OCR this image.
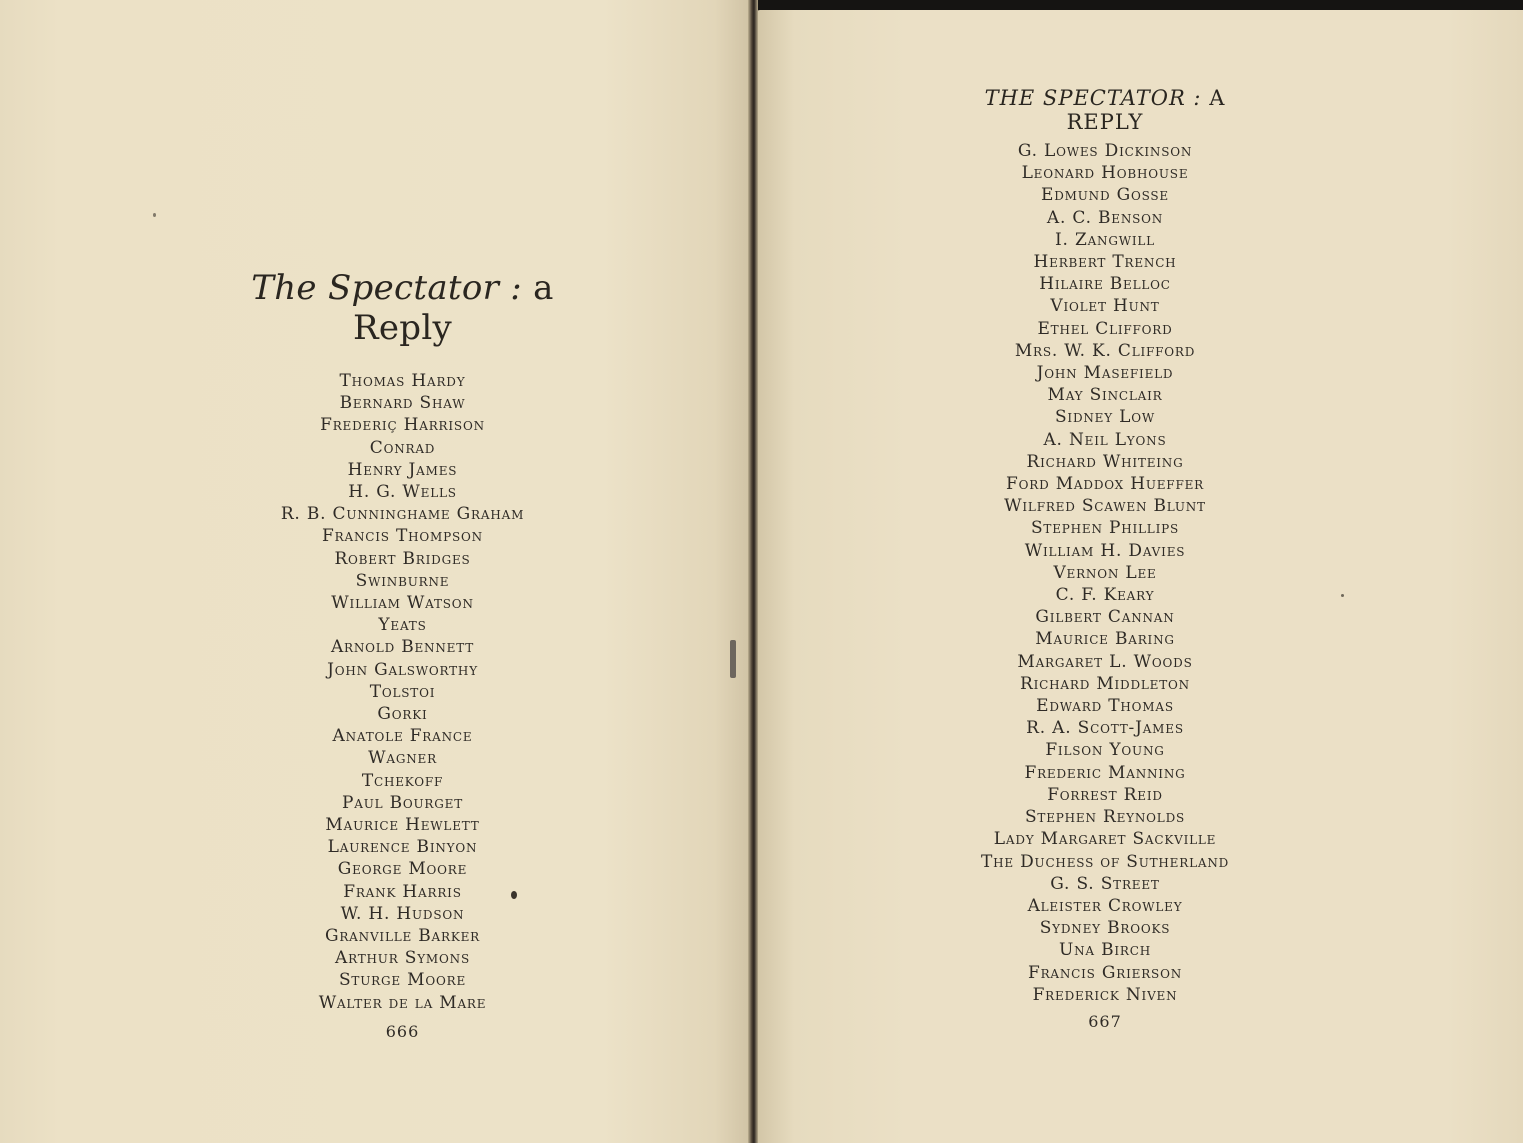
The Spectator : a Reply
Thomas Hardy
Bernard Shaw
Frederiç Harrison
Conrad
Henry James
H. G. Wells
R. B. Cunninghame Graham
Francis Thompson
Robert Bridges
Swinburne
William Watson
Yeats
Arnold Bennett
John Galsworthy
Tolstoi
Gorki
Anatole France
Wagner
Tchekoff
Paul Bourget
Maurice Hewlett
Laurence Binyon
George Moore
Frank Harris
W. H. Hudson
Granville Barker
Arthur Symons
Sturge Moore
Walter de la Mare
666
THE SPECTATOR : A REPLY
G. Lowes Dickinson
Leonard Hobhouse
Edmund Gosse
A. C. Benson
I. Zangwill
Herbert Trench
Hilaire Belloc
Violet Hunt
Ethel Clifford
Mrs. W. K. Clifford
John Masefield
May Sinclair
Sidney Low
A. Neil Lyons
Richard Whiteing
Ford Maddox Hueffer
Wilfred Scawen Blunt
Stephen Phillips
William H. Davies
Vernon Lee
C. F. Keary
Gilbert Cannan
Maurice Baring
Margaret L. Woods
Richard Middleton
Edward Thomas
R. A. Scott-James
Filson Young
Frederic Manning
Forrest Reid
Stephen Reynolds
Lady Margaret Sackville
The Duchess of Sutherland
G. S. Street
Aleister Crowley
Sydney Brooks
Una Birch
Francis Grierson
Frederick Niven
667
